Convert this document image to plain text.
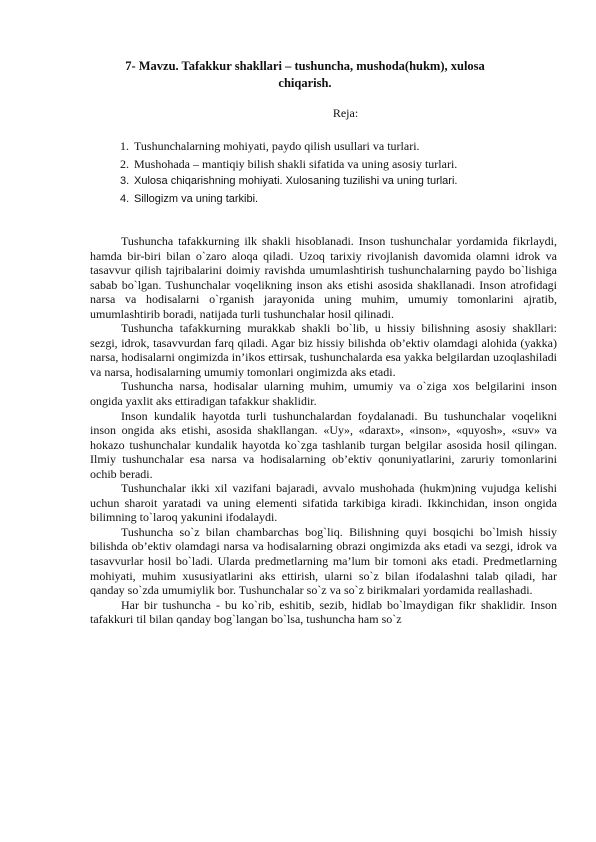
7- Mavzu. Tafakkur shakllari – tushuncha, mushoda(hukm), xulosa
chiqarish.
Reja:
1. Tushunchalarning mohiyati, paydo qilish usullari va turlari.
2. Mushohada – mantiqiy bilish shakli sifatida va uning asosiy turlari.
3. Xulosa chiqarishning mohiyati. Xulosaning tuzilishi va uning turlari.
4. Sillogizm va uning tarkibi.

Tushuncha tafakkurning ilk shakli hisoblanadi. Inson tushunchalar yordamida fikrlaydi, hamda bir-biri bilan o`zaro aloqa qiladi. Uzoq tarixiy rivojlanish davomida olamni idrok va tasavvur qilish tajribalarini doimiy ravishda umumlashtirish tushunchalarning paydo bo`lishiga sabab bo`lgan. Tushunchalar voqelikning inson aks etishi asosida shakllanadi. Inson atrofidagi narsa va hodisalarni o`rganish jarayonida uning muhim, umumiy tomonlarini ajratib, umumlashtirib boradi, natijada turli tushunchalar hosil qilinadi.

Tushuncha tafakkurning murakkab shakli bo`lib, u hissiy bilishning asosiy shakllari: sezgi, idrok, tasavvurdan farq qiladi. Agar biz hissiy bilishda ob’ektiv olamdagi alohida (yakka) narsa, hodisalarni ongimizda in’ikos ettirsak, tushunchalarda esa yakka belgilardan uzoqlashiladi va narsa, hodisalarning umumiy tomonlari ongimizda aks etadi.

Tushuncha narsa, hodisalar ularning muhim, umumiy va o`ziga xos belgilarini inson ongida yaxlit aks ettiradigan tafakkur shaklidir.

Inson kundalik hayotda turli tushunchalardan foydalanadi. Bu tushunchalar voqelikni inson ongida aks etishi, asosida shakllangan. «Uy», «daraxt», «inson», «quyosh», «suv» va hokazo tushunchalar kundalik hayotda ko`zga tashlanib turgan belgilar asosida hosil qilingan. Ilmiy tushunchalar esa narsa va hodisalarning ob’ektiv qonuniyatlarini, zaruriy tomonlarini ochib beradi.

Tushunchalar ikki xil vazifani bajaradi, avvalo mushohada (hukm)ning vujudga kelishi uchun sharoit yaratadi va uning elementi sifatida tarkibiga kiradi. Ikkinchidan, inson ongida bilimning to`laroq yakunini ifodalaydi.

Tushuncha so`z bilan chambarchas bog`liq. Bilishning quyi bosqichi bo`lmish hissiy bilishda ob’ektiv olamdagi narsa va hodisalarning obrazi ongimizda aks etadi va sezgi, idrok va tasavvurlar hosil bo`ladi. Ularda predmetlarning ma’lum bir tomoni aks etadi. Predmetlarning mohiyati, muhim xususiyatlarini aks ettirish, ularni so`z bilan ifodalashni talab qiladi, har qanday so`zda umumiylik bor. Tushunchalar so`z va so`z birikmalari yordamida reallashadi.

Har bir tushuncha - bu ko`rib, eshitib, sezib, hidlab bo`lmaydigan fikr shaklidir. Inson tafakkuri til bilan qanday bog`langan bo`lsa, tushuncha ham so`z
